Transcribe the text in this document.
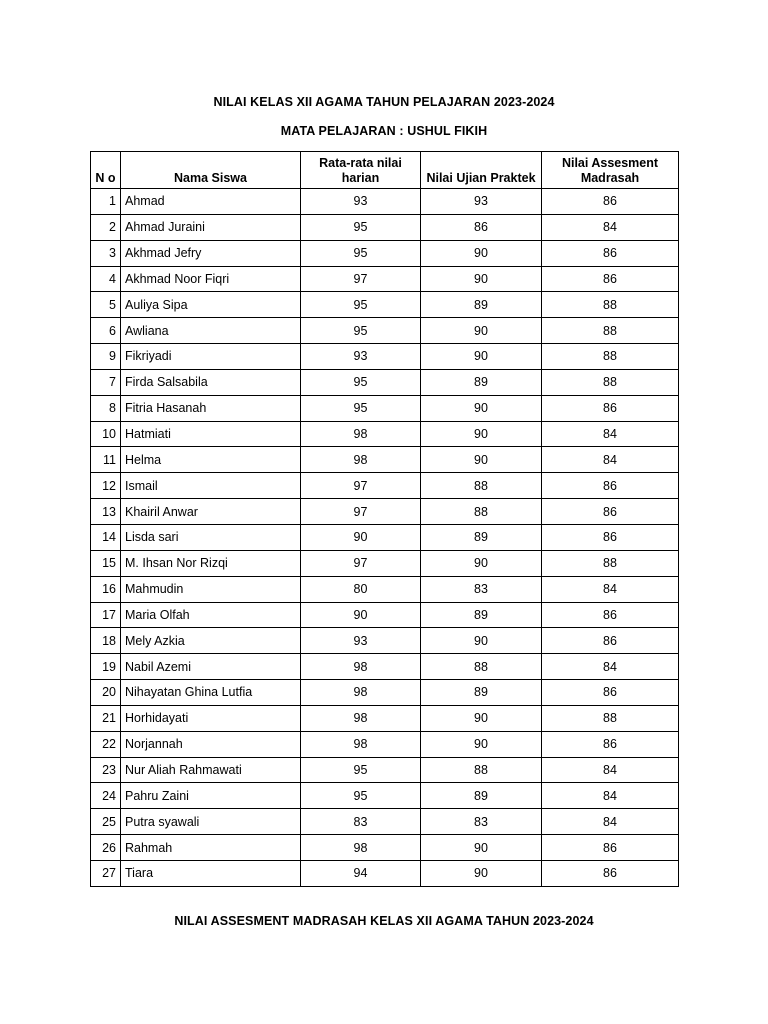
NILAI KELAS XII AGAMA TAHUN PELAJARAN 2023-2024
MATA PELAJARAN : USHUL FIKIH
N o	Nama Siswa	Rata-rata nilai harian	Nilai Ujian Praktek	Nilai Assesment Madrasah
1	Ahmad	93	93	86
2	Ahmad Juraini	95	86	84
3	Akhmad Jefry	95	90	86
4	Akhmad Noor Fiqri	97	90	86
5	Auliya Sipa	95	89	88
6	Awliana	95	90	88
9	Fikriyadi	93	90	88
7	Firda Salsabila	95	89	88
8	Fitria Hasanah	95	90	86
10	Hatmiati	98	90	84
11	Helma	98	90	84
12	Ismail	97	88	86
13	Khairil Anwar	97	88	86
14	Lisda sari	90	89	86
15	M. Ihsan Nor Rizqi	97	90	88
16	Mahmudin	80	83	84
17	Maria Olfah	90	89	86
18	Mely Azkia	93	90	86
19	Nabil Azemi	98	88	84
20	Nihayatan Ghina Lutfia	98	89	86
21	Horhidayati	98	90	88
22	Norjannah	98	90	86
23	Nur Aliah Rahmawati	95	88	84
24	Pahru Zaini	95	89	84
25	Putra syawali	83	83	84
26	Rahmah	98	90	86
27	Tiara	94	90	86
NILAI ASSESMENT MADRASAH KELAS XII AGAMA TAHUN 2023-2024
